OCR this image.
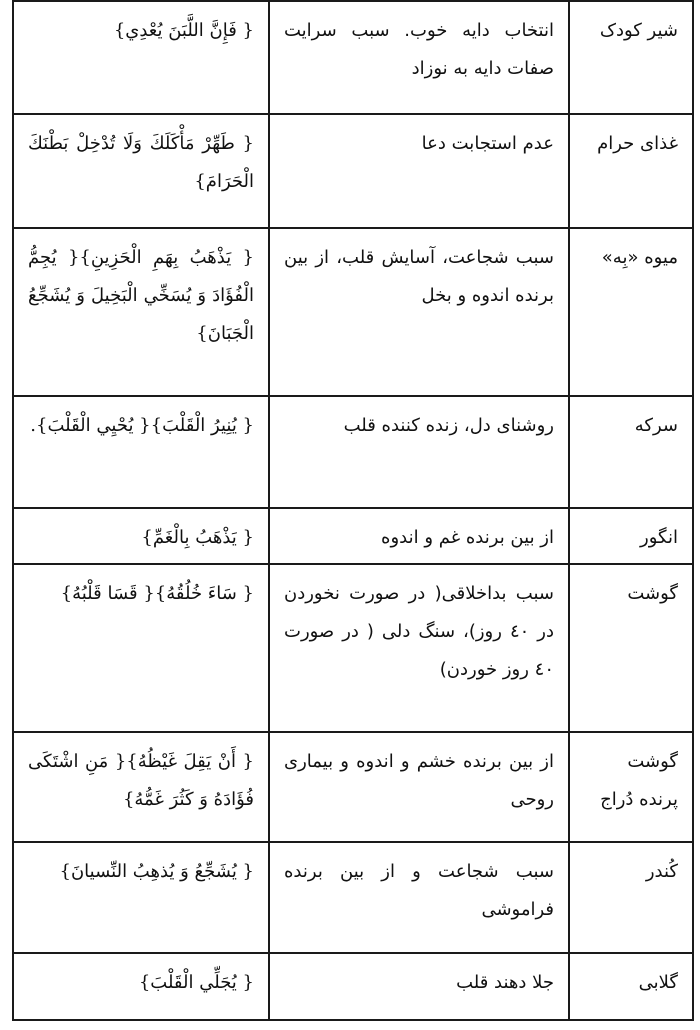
شیر کودک	انتخاب دایه خوب. سبب سرایت صفات دایه به نوزاد	{ فَإِنَّ اللَّبَنَ يُعْدِي}
غذای حرام	عدم استجابت دعا	{ طَهِّرْ مَأْكَلَكَ وَلَا تُدْخِلْ بَطْنَكَ الْحَرَامَ}
میوه «بِه»	سبب شجاعت، آسایش قلب، از بین برنده اندوه و بخل	{ يَذْهَبُ بِهَمِ الْحَزِينِ}{ يُجِمُّ الْفُؤَادَ وَ يُسَخِّي الْبَخِيلَ وَ يُشَجِّعُ الْجَبَانَ}
سرکه	روشنای دل، زنده کننده قلب	{ يُنِيرُ الْقَلْبَ}{ يُحْيِي الْقَلْبَ}.
انگور	از بین برنده غم و اندوه	{ يَذْهَبُ بِالْغَمِّ}
گوشت	سبب بداخلاقی( در صورت نخوردن در ٤٠ روز)، سنگ دلی ( در صورت ٤٠ روز خوردن)	{ سَاءَ خُلُقُهُ}{ قَسَا قَلْبُهُ}
گوشت پرنده دُراج	از بین برنده خشم و اندوه و بیماری روحی	{ أَنْ يَقِلَ غَيْظُهُ}{ مَنِ اشْتَكَى فُؤَادَهُ وَ كَثُرَ غَمُّهُ}
کُندر	سبب شجاعت و از بین برنده فراموشی	{ يُشَجِّعُ وَ يُذهِبُ النِّسيانَ}
گلابی	جلا دهند قلب	{ يُجَلِّي الْقَلْبَ}
